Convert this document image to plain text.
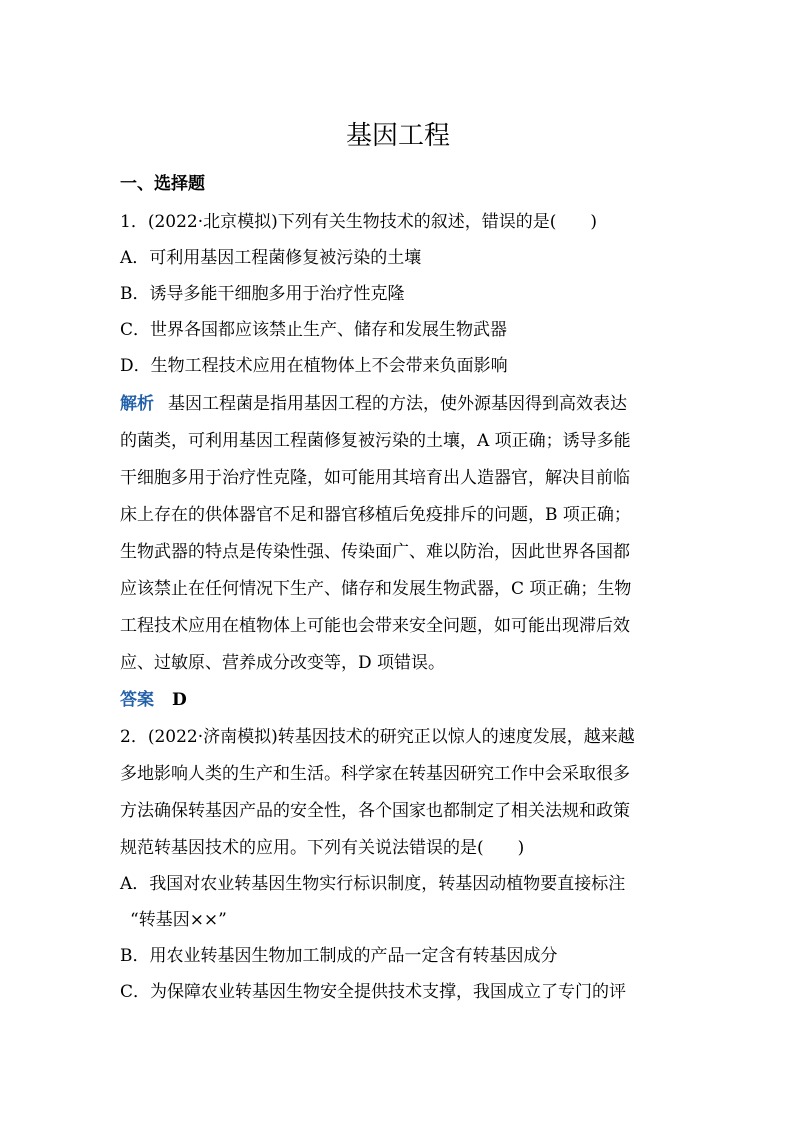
基因工程
一、选择题
1．(2022·北京模拟)下列有关生物技术的叙述，错误的是(　　)
A．可利用基因工程菌修复被污染的土壤
B．诱导多能干细胞多用于治疗性克隆
C．世界各国都应该禁止生产、储存和发展生物武器
D．生物工程技术应用在植物体上不会带来负面影响
解析 基因工程菌是指用基因工程的方法，使外源基因得到高效表达
的菌类，可利用基因工程菌修复被污染的土壤，A 项正确；诱导多能
干细胞多用于治疗性克隆，如可能用其培育出人造器官，解决目前临
床上存在的供体器官不足和器官移植后免疫排斥的问题，B 项正确；
生物武器的特点是传染性强、传染面广、难以防治，因此世界各国都
应该禁止在任何情况下生产、储存和发展生物武器，C 项正确；生物
工程技术应用在植物体上可能也会带来安全问题，如可能出现滞后效
应、过敏原、营养成分改变等，D 项错误。
答案 D
2．(2022·济南模拟)转基因技术的研究正以惊人的速度发展，越来越
多地影响人类的生产和生活。科学家在转基因研究工作中会采取很多
方法确保转基因产品的安全性，各个国家也都制定了相关法规和政策
规范转基因技术的应用。下列有关说法错误的是(　　)
A．我国对农业转基因生物实行标识制度，转基因动植物要直接标注
“转基因××”
B．用农业转基因生物加工制成的产品一定含有转基因成分
C．为保障农业转基因生物安全提供技术支撑，我国成立了专门的评
